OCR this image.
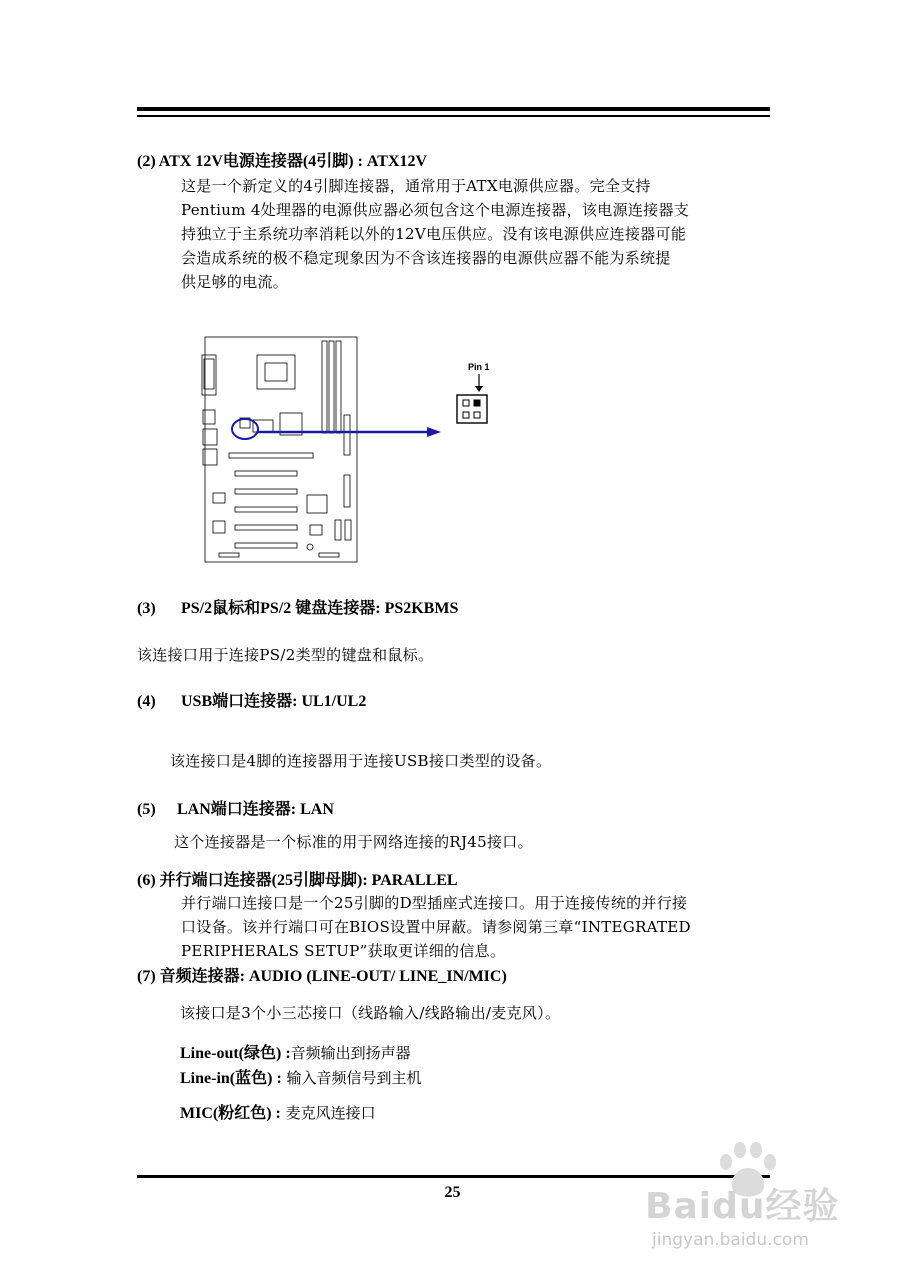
(2) ATX 12V电源连接器(4引脚) : ATX12V
这是一个新定义的4引脚连接器，通常用于ATX电源供应器。完全支持
Pentium 4处理器的电源供应器必须包含这个电源连接器，该电源连接器支
持独立于主系统功率消耗以外的12V电压供应。没有该电源供应连接器可能
会造成系统的极不稳定现象因为不含该连接器的电源供应器不能为系统提
供足够的电流。
Pin 1
(3) PS/2鼠标和PS/2 键盘连接器: PS2KBMS
该连接口用于连接PS/2类型的键盘和鼠标。
(4) USB端口连接器: UL1/UL2
该连接口是4脚的连接器用于连接USB接口类型的设备。
(5) LAN端口连接器: LAN
这个连接器是一个标准的用于网络连接的RJ45接口。
(6) 并行端口连接器(25引脚母脚): PARALLEL
并行端口连接口是一个25引脚的D型插座式连接口。用于连接传统的并行接
口设备。该并行端口可在BIOS设置中屏蔽。请参阅第三章“INTEGRATED
PERIPHERALS SETUP”获取更详细的信息。
(7) 音频连接器: AUDIO (LINE-OUT/ LINE_IN/MIC)
该接口是3个小三芯接口（线路输入/线路输出/麦克风）。
Line-out(绿色) :音频输出到扬声器
Line-in(蓝色) : 输入音频信号到主机
MIC(粉红色) : 麦克风连接口
25	Baidu经验
jingyan.baidu.com
